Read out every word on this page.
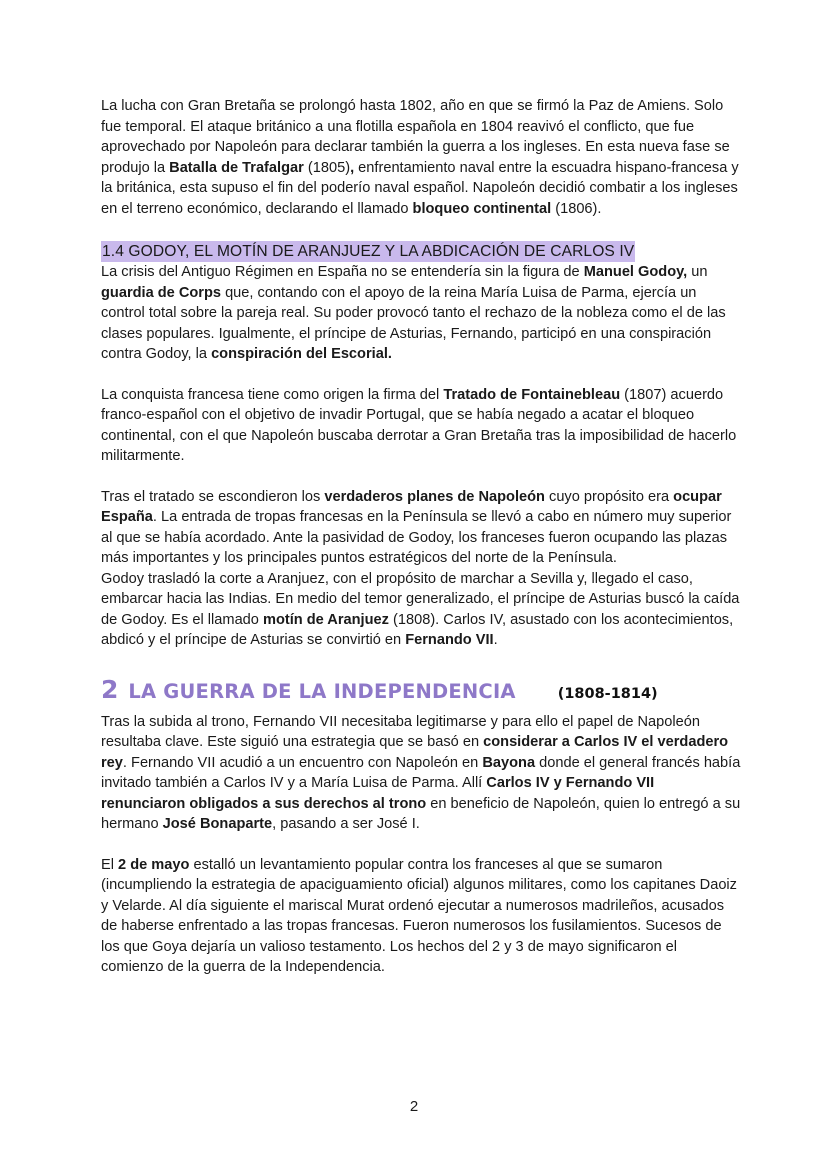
La lucha con Gran Bretaña se prolongó hasta 1802, año en que se firmó la Paz de Amiens. Solo fue temporal. El ataque británico a una flotilla española en 1804 reavivó el conflicto, que fue aprovechado por Napoleón para declarar también la guerra a los ingleses. En esta nueva fase se produjo la Batalla de Trafalgar (1805), enfrentamiento naval entre la escuadra hispano-francesa y la británica, esta supuso el fin del poderío naval español. Napoleón decidió combatir a los ingleses en el terreno económico, declarando el llamado bloqueo continental (1806).

1.4 GODOY, EL MOTÍN DE ARANJUEZ Y LA ABDICACIÓN DE CARLOS IV

La crisis del Antiguo Régimen en España no se entendería sin la figura de Manuel Godoy, un guardia de Corps que, contando con el apoyo de la reina María Luisa de Parma, ejercía un control total sobre la pareja real. Su poder provocó tanto el rechazo de la nobleza como el de las clases populares. Igualmente, el príncipe de Asturias, Fernando, participó en una conspiración contra Godoy, la conspiración del Escorial.

La conquista francesa tiene como origen la firma del Tratado de Fontainebleau (1807) acuerdo franco-español con el objetivo de invadir Portugal, que se había negado a acatar el bloqueo continental, con el que Napoleón buscaba derrotar a Gran Bretaña tras la imposibilidad de hacerlo militarmente.

Tras el tratado se escondieron los verdaderos planes de Napoleón cuyo propósito era ocupar España. La entrada de tropas francesas en la Península se llevó a cabo en número muy superior al que se había acordado. Ante la pasividad de Godoy, los franceses fueron ocupando las plazas más importantes y los principales puntos estratégicos del norte de la Península.

Godoy trasladó la corte a Aranjuez, con el propósito de marchar a Sevilla y, llegado el caso, embarcar hacia las Indias. En medio del temor generalizado, el príncipe de Asturias buscó la caída de Godoy. Es el llamado motín de Aranjuez (1808). Carlos IV, asustado con los acontecimientos, abdicó y el príncipe de Asturias se convirtió en Fernando VII.

2 LA GUERRA DE LA INDEPENDENCIA	(1808-1814)

Tras la subida al trono, Fernando VII necesitaba legitimarse y para ello el papel de Napoleón resultaba clave. Este siguió una estrategia que se basó en considerar a Carlos IV el verdadero rey. Fernando VII acudió a un encuentro con Napoleón en Bayona donde el general francés había invitado también a Carlos IV y a María Luisa de Parma. Allí Carlos IV y Fernando VII renunciaron obligados a sus derechos al trono en beneficio de Napoleón, quien lo entregó a su hermano José Bonaparte, pasando a ser José I.

El 2 de mayo estalló un levantamiento popular contra los franceses al que se sumaron (incumpliendo la estrategia de apaciguamiento oficial) algunos militares, como los capitanes Daoiz y Velarde. Al día siguiente el mariscal Murat ordenó ejecutar a numerosos madrileños, acusados de haberse enfrentado a las tropas francesas. Fueron numerosos los fusilamientos. Sucesos de los que Goya dejaría un valioso testamento. Los hechos del 2 y 3 de mayo significaron el comienzo de la guerra de la Independencia.

2
